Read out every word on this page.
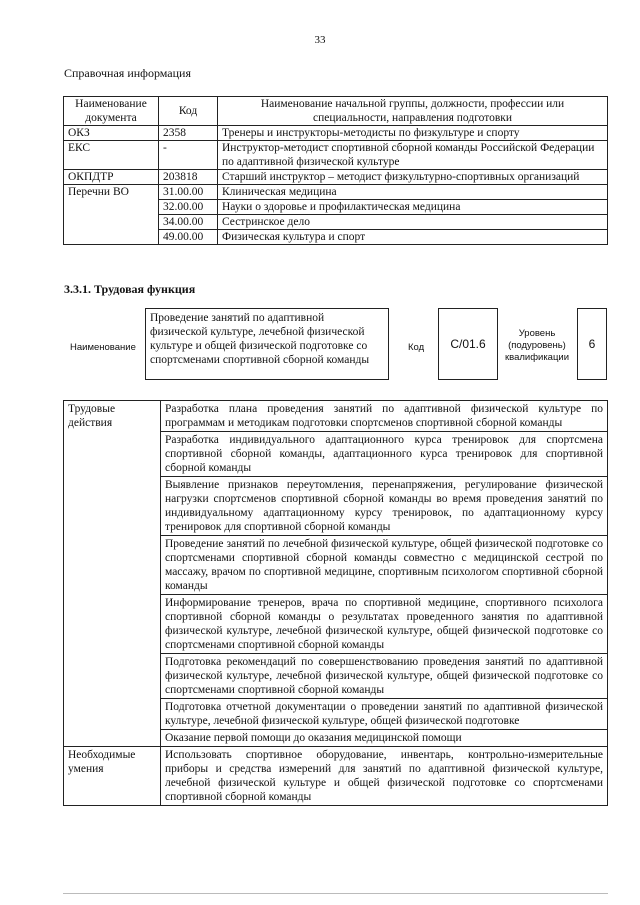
33
Справочная информация
Наименование документа	Код	Наименование начальной группы, должности, профессии или специальности, направления подготовки
ОКЗ	2358	Тренеры и инструкторы-методисты по физкультуре и спорту
ЕКС	-	Инструктор-методист спортивной сборной команды Российской Федерации по адаптивной физической культуре
ОКПДТР	203818	Старший инструктор – методист физкультурно-спортивных организаций
Перечни ВО	31.00.00	Клиническая медицина
	32.00.00	Науки о здоровье и профилактическая медицина
	34.00.00	Сестринское дело
	49.00.00	Физическая культура и спорт
3.3.1. Трудовая функция
Наименование
Проведение занятий по адаптивной физической культуре, лечебной физической культуре и общей физической подготовке со спортсменами спортивной сборной команды
Код	C/01.6
Уровень (подуровень) квалификации
6
Трудовые действия	Разработка плана проведения занятий по адаптивной физической культуре по программам и методикам подготовки спортсменов спортивной сборной команды
	Разработка индивидуального адаптационного курса тренировок для спортсмена спортивной сборной команды, адаптационного курса тренировок для спортивной сборной команды
	Выявление признаков переутомления, перенапряжения, регулирование физической нагрузки спортсменов спортивной сборной команды во время проведения занятий по индивидуальному адаптационному курсу тренировок, по адаптационному курсу тренировок для спортивной сборной команды
	Проведение занятий по лечебной физической культуре, общей физической подготовке со спортсменами спортивной сборной команды совместно с медицинской сестрой по массажу, врачом по спортивной медицине, спортивным психологом спортивной сборной команды
	Информирование тренеров, врача по спортивной медицине, спортивного психолога спортивной сборной команды о результатах проведенного занятия по адаптивной физической культуре, лечебной физической культуре, общей физической подготовке со спортсменами спортивной сборной команды
	Подготовка рекомендаций по совершенствованию проведения занятий по адаптивной физической культуре, лечебной физической культуре, общей физической подготовке со спортсменами спортивной сборной команды
	Подготовка отчетной документации о проведении занятий по адаптивной физической культуре, лечебной физической культуре, общей физической подготовке
	Оказание первой помощи до оказания медицинской помощи
Необходимые умения	Использовать спортивное оборудование, инвентарь, контрольно-измерительные приборы и средства измерений для занятий по адаптивной физической культуре, лечебной физической культуре и общей физической подготовке со спортсменами спортивной сборной команды
